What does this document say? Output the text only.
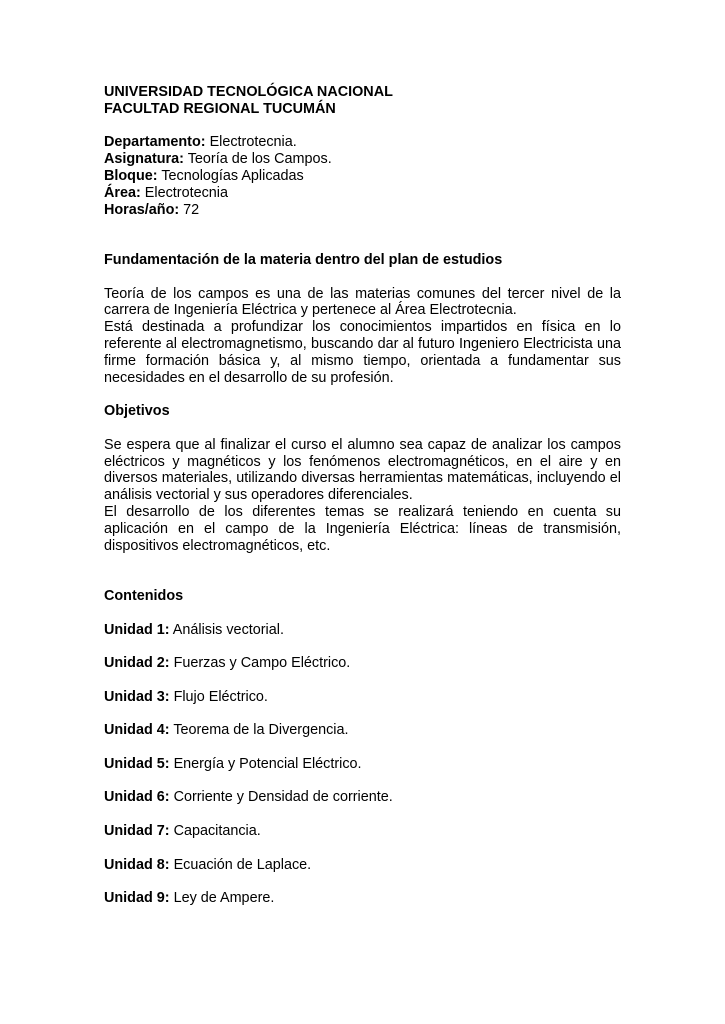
UNIVERSIDAD TECNOLÓGICA NACIONAL
FACULTAD REGIONAL TUCUMÁN
Departamento: Electrotecnia.
Asignatura: Teoría de los Campos.
Bloque: Tecnologías Aplicadas
Área: Electrotecnia
Horas/año: 72
Fundamentación de la materia dentro del plan de estudios

Teoría de los campos es una de las materias comunes del tercer nivel de la carrera de Ingeniería Eléctrica y pertenece al Área Electrotecnia.

Está destinada a profundizar los conocimientos impartidos en física en lo referente al electromagnetismo, buscando dar al futuro Ingeniero Electricista una firme formación básica y, al mismo tiempo, orientada a fundamentar sus necesidades en el desarrollo de su profesión.

Objetivos

Se espera que al finalizar el curso el alumno sea capaz de analizar los campos eléctricos y magnéticos y los fenómenos electromagnéticos, en el aire y en diversos materiales, utilizando diversas herramientas matemáticas, incluyendo el análisis vectorial y sus operadores diferenciales.

El desarrollo de los diferentes temas se realizará teniendo en cuenta su aplicación en el campo de la Ingeniería Eléctrica: líneas de transmisión, dispositivos electromagnéticos, etc.

Contenidos
Unidad 1: Análisis vectorial.
Unidad 2: Fuerzas y Campo Eléctrico.
Unidad 3: Flujo Eléctrico.
Unidad 4: Teorema de la Divergencia.
Unidad 5: Energía y Potencial Eléctrico.
Unidad 6: Corriente y Densidad de corriente.
Unidad 7: Capacitancia.
Unidad 8: Ecuación de Laplace.
Unidad 9: Ley de Ampere.
